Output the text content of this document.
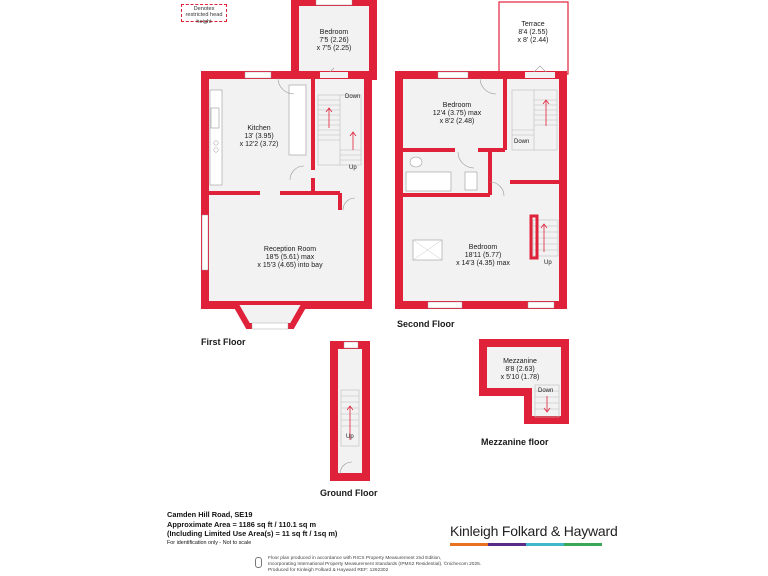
Denotes restricted head height
Bedroom
7'5 (2.26)
x 7'5 (2.25)
Kitchen
13' (3.95)
x 12'2 (3.72)
Reception Room
18'5 (5.61) max
x 15'3 (4.65) into bay
Terrace
8'4 (2.55)
x 8' (2.44)
Bedroom
12'4 (3.75) max
x 8'2 (2.48)
Bedroom
18'11 (5.77)
x 14'3 (4.35) max
Mezzanine
8'8 (2.63)
x 5'10 (1.78)
Down
Up
Down
Up
Up
Down
First Floor
Second Floor
Ground Floor
Mezzanine floor
Camden Hill Road, SE19
Approximate Area = 1186 sq ft / 110.1 sq m
(Including Limited Use Area(s) = 11 sq ft / 1sq m)
For identification only - Not to scale
Kinleigh Folkard & Hayward
Floor plan produced in accordance with RICS Property Measurement 2nd Edition,
Incorporating International Property Measurement Standards (IPMS2 Residential). ©nichecom 2025.
Produced for Kinleigh Folkard & Hayward REF: 1262302
